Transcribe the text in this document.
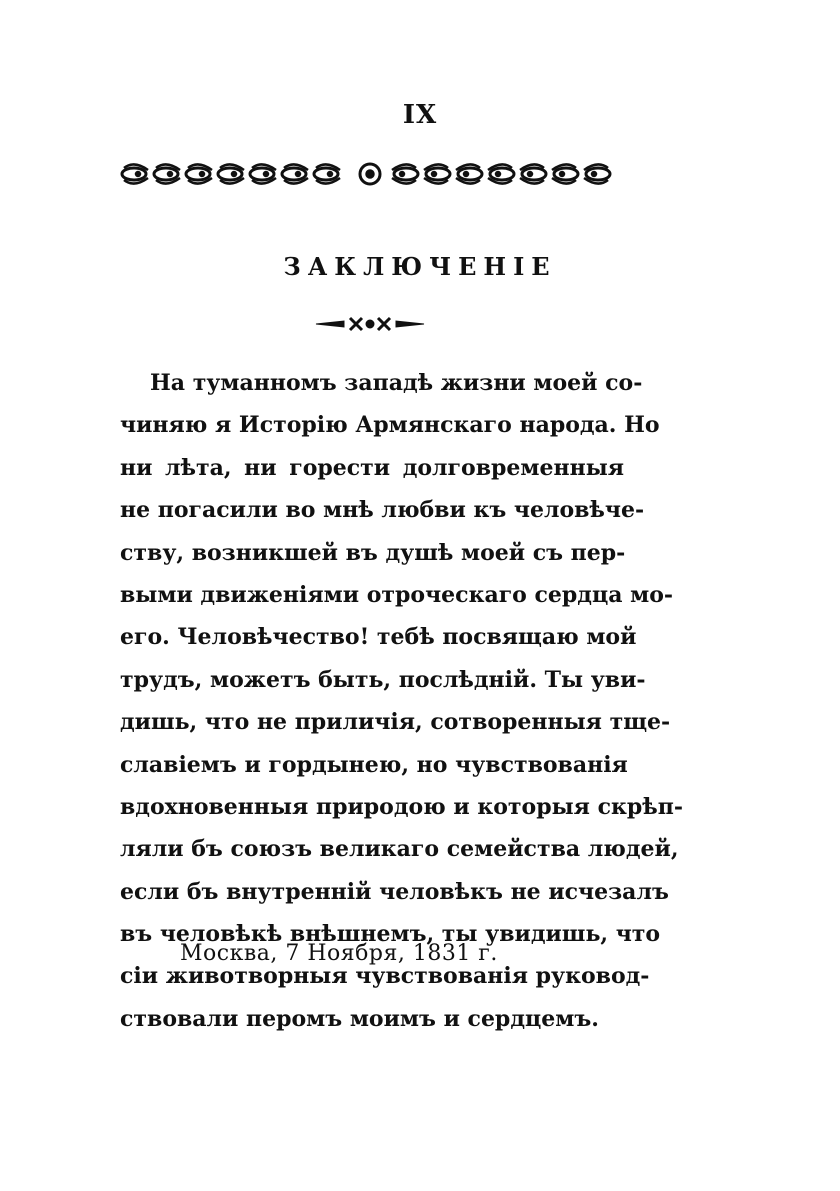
IX
ЗАКЛЮЧЕНIЕ
На туманномъ западѣ жизни моей со-
чиняю я Исторію Армянскаго народа. Но
ни лѣта, ни горести долговременныя
не погасили во мнѣ любви къ человѣче-
ству, возникшей въ душѣ моей съ пер-
выми движеніями отроческаго сердца мо-
его. Человѣчество! тебѣ посвящаю мой
трудъ, можетъ быть, послѣдній. Ты уви-
дишь, что не приличія, сотворенныя тще-
славіемъ и гордынею, но чувствованія
вдохновенныя природою и которыя скрѣп-
ляли бъ союзъ великаго семейства людей,
если бъ внутренній человѣкъ не исчезалъ
въ человѣкѣ внѣшнемъ, ты увидишь, что
сіи животворныя чувствованія руковод-
ствовали перомъ моимъ и сердцемъ.
Москва, 7 Ноября, 1831 г.
